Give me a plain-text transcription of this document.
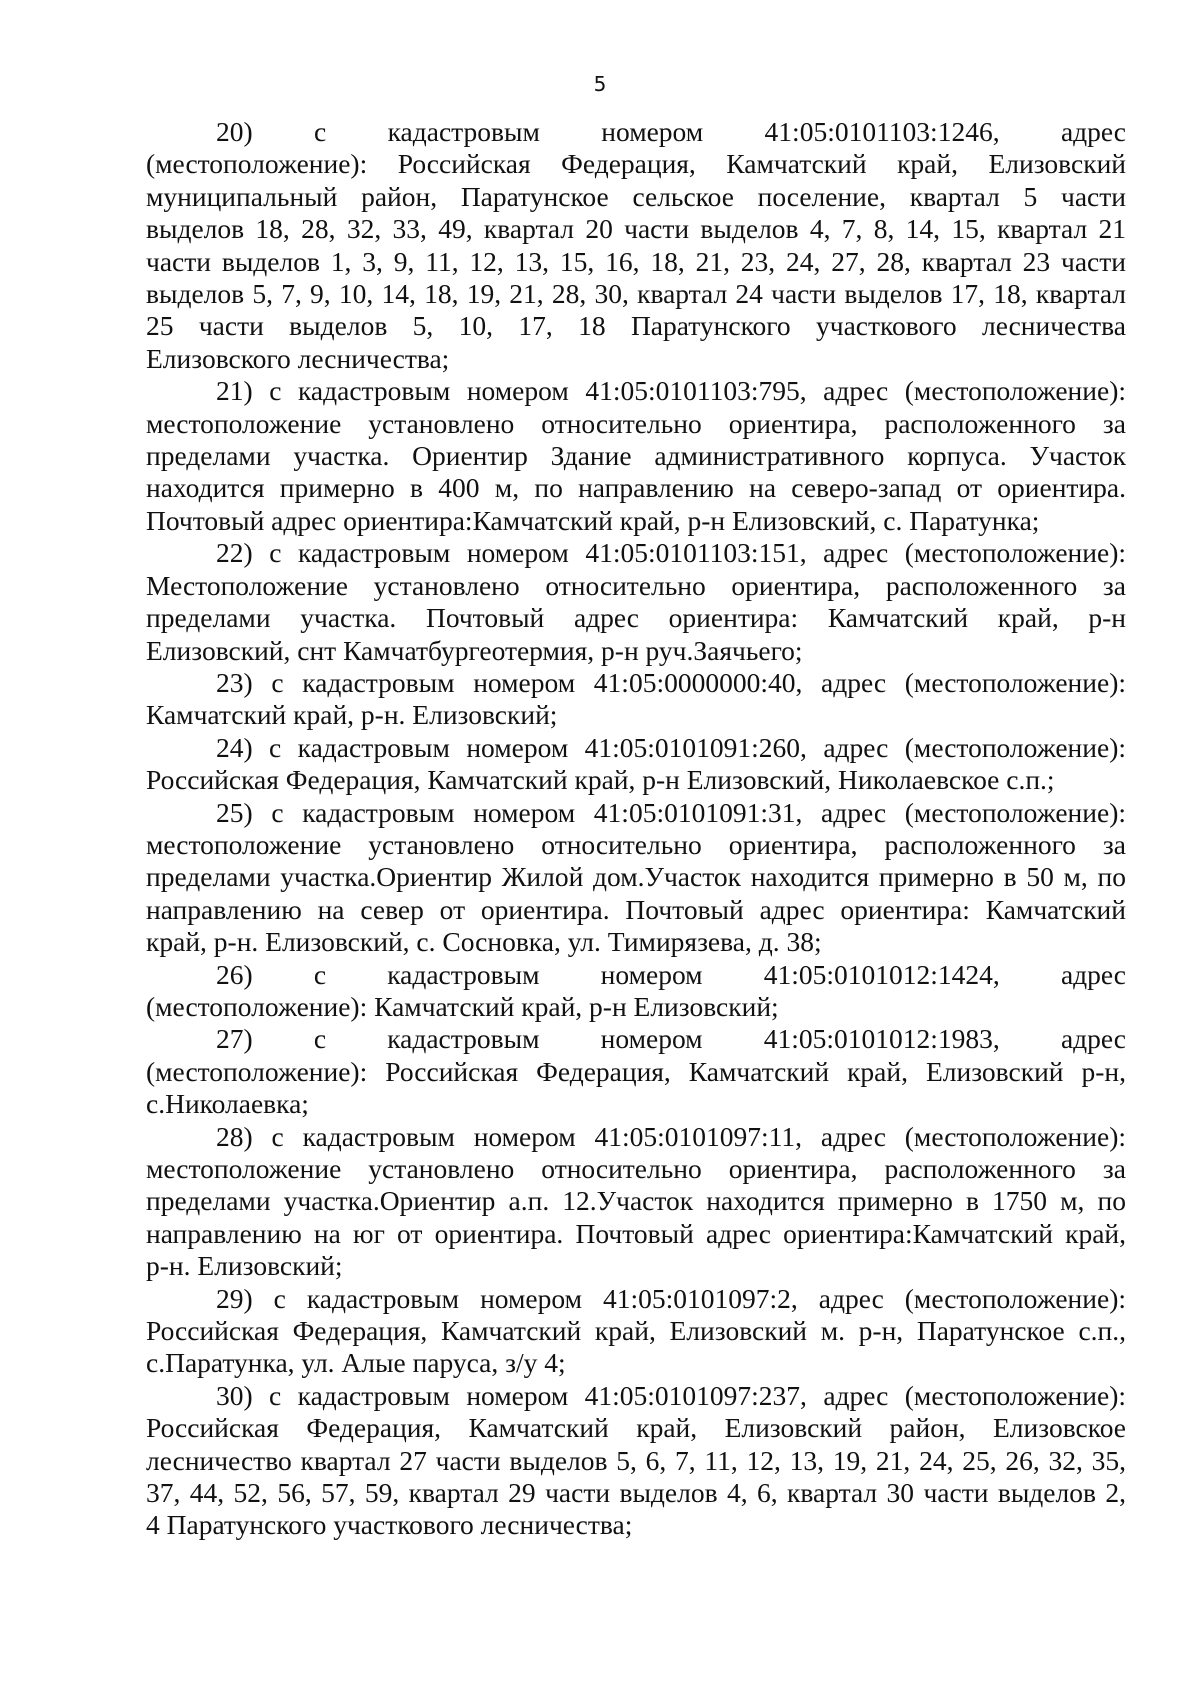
5
20) с кадастровым номером 41:05:0101103:1246, адрес
(местоположение): Российская Федерация, Камчатский край, Елизовский
муниципальный район, Паратунское сельское поселение, квартал 5 части
выделов 18, 28, 32, 33, 49, квартал 20 части выделов 4, 7, 8, 14, 15, квартал 21
части выделов 1, 3, 9, 11, 12, 13, 15, 16, 18, 21, 23, 24, 27, 28, квартал 23 части
выделов 5, 7, 9, 10, 14, 18, 19, 21, 28, 30, квартал 24 части выделов 17, 18, квартал
25 части выделов 5, 10, 17, 18 Паратунского участкового лесничества
Елизовского лесничества;
21) с кадастровым номером 41:05:0101103:795, адрес (местоположение):
местоположение установлено относительно ориентира, расположенного за
пределами участка. Ориентир Здание административного корпуса. Участок
находится примерно в 400 м, по направлению на северо-запад от ориентира.
Почтовый адрес ориентира:Камчатский край, р-н Елизовский, с. Паратунка;
22) с кадастровым номером 41:05:0101103:151, адрес (местоположение):
Местоположение установлено относительно ориентира, расположенного за
пределами участка. Почтовый адрес ориентира: Камчатский край, р-н
Елизовский, снт Камчатбургеотермия, р-н руч.Заячьего;
23) с кадастровым номером 41:05:0000000:40, адрес (местоположение):
Камчатский край, р-н. Елизовский;
24) с кадастровым номером 41:05:0101091:260, адрес (местоположение):
Российская Федерация, Камчатский край, р-н Елизовский, Николаевское с.п.;
25) с кадастровым номером 41:05:0101091:31, адрес (местоположение):
местоположение установлено относительно ориентира, расположенного за
пределами участка.Ориентир Жилой дом.Участок находится примерно в 50 м, по
направлению на север от ориентира. Почтовый адрес ориентира: Камчатский
край, р-н. Елизовский, с. Сосновка, ул. Тимирязева, д. 38;
26) с кадастровым номером 41:05:0101012:1424, адрес
(местоположение): Камчатский край, р-н Елизовский;
27) с кадастровым номером 41:05:0101012:1983, адрес
(местоположение): Российская Федерация, Камчатский край, Елизовский р-н,
с.Николаевка;
28) с кадастровым номером 41:05:0101097:11, адрес (местоположение):
местоположение установлено относительно ориентира, расположенного за
пределами участка.Ориентир а.п. 12.Участок находится примерно в 1750 м, по
направлению на юг от ориентира. Почтовый адрес ориентира:Камчатский край,
р-н. Елизовский;
29) с кадастровым номером 41:05:0101097:2, адрес (местоположение):
Российская Федерация, Камчатский край, Елизовский м. р-н, Паратунское с.п.,
с.Паратунка, ул. Алые паруса, з/у 4;
30) с кадастровым номером 41:05:0101097:237, адрес (местоположение):
Российская Федерация, Камчатский край, Елизовский район, Елизовское
лесничество квартал 27 части выделов 5, 6, 7, 11, 12, 13, 19, 21, 24, 25, 26, 32, 35,
37, 44, 52, 56, 57, 59, квартал 29 части выделов 4, 6, квартал 30 части выделов 2,
4 Паратунского участкового лесничества;
